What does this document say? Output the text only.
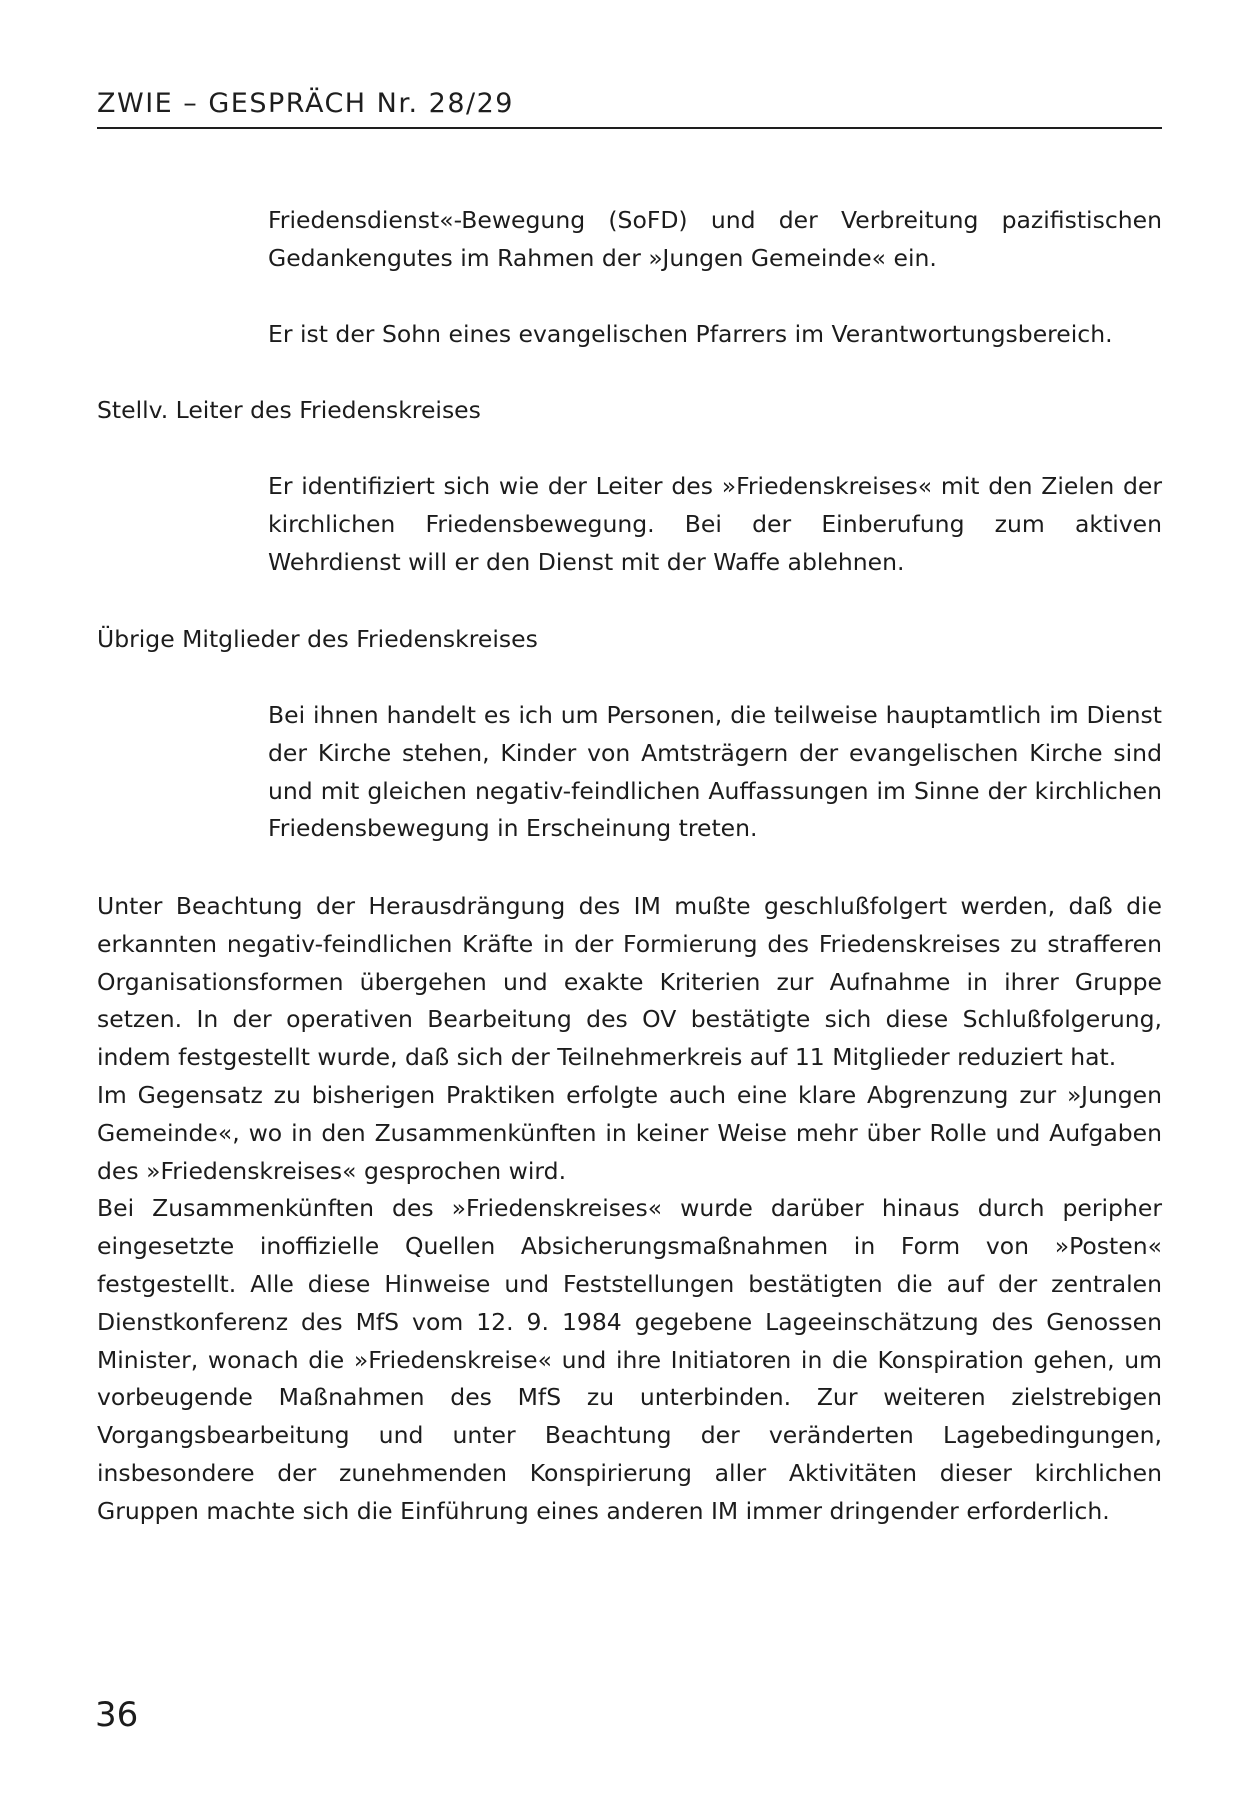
ZWIE – GESPRÄCH Nr. 28/29

Friedensdienst«-Bewegung (SoFD) und der Verbreitung pazifistischen Gedankengutes im Rahmen der »Jungen Gemeinde« ein.

Er ist der Sohn eines evangelischen Pfarrers im Verantwortungsbereich.

Stellv. Leiter des Friedenskreises

Er identifiziert sich wie der Leiter des »Friedenskreises« mit den Zielen der kirchlichen Friedensbewegung. Bei der Einberufung zum aktiven Wehrdienst will er den Dienst mit der Waffe ablehnen.

Übrige Mitglieder des Friedenskreises

Bei ihnen handelt es ich um Personen, die teilweise hauptamtlich im Dienst der Kirche stehen, Kinder von Amtsträgern der evangelischen Kirche sind und mit gleichen negativ-feindlichen Auffassungen im Sinne der kirchlichen Friedensbewegung in Erscheinung treten.

Unter Beachtung der Herausdrängung des IM mußte geschlußfolgert werden, daß die erkannten negativ-feindlichen Kräfte in der Formierung des Friedenskreises zu strafferen Organisationsformen übergehen und exakte Kriterien zur Aufnahme in ihrer Gruppe setzen. In der operativen Bearbeitung des OV bestätigte sich diese Schlußfolgerung, indem festgestellt wurde, daß sich der Teilnehmerkreis auf 11 Mitglieder reduziert hat.

Im Gegensatz zu bisherigen Praktiken erfolgte auch eine klare Abgrenzung zur »Jungen Gemeinde«, wo in den Zusammenkünften in keiner Weise mehr über Rolle und Aufgaben des »Friedenskreises« gesprochen wird.

Bei Zusammenkünften des »Friedenskreises« wurde darüber hinaus durch peripher eingesetzte inoffizielle Quellen Absicherungsmaßnahmen in Form von »Posten« festgestellt. Alle diese Hinweise und Feststellungen bestätigten die auf der zentralen Dienstkonferenz des MfS vom 12. 9. 1984 gegebene Lageeinschätzung des Genossen Minister, wonach die »Friedenskreise« und ihre Initiatoren in die Konspiration gehen, um vorbeugende Maßnahmen des MfS zu unterbinden. Zur weiteren zielstrebigen Vorgangsbearbeitung und unter Beachtung der veränderten Lagebedingungen, insbesondere der zunehmenden Konspirierung aller Aktivitäten dieser kirchlichen Gruppen machte sich die Einführung eines anderen IM immer dringender erforderlich.

36
